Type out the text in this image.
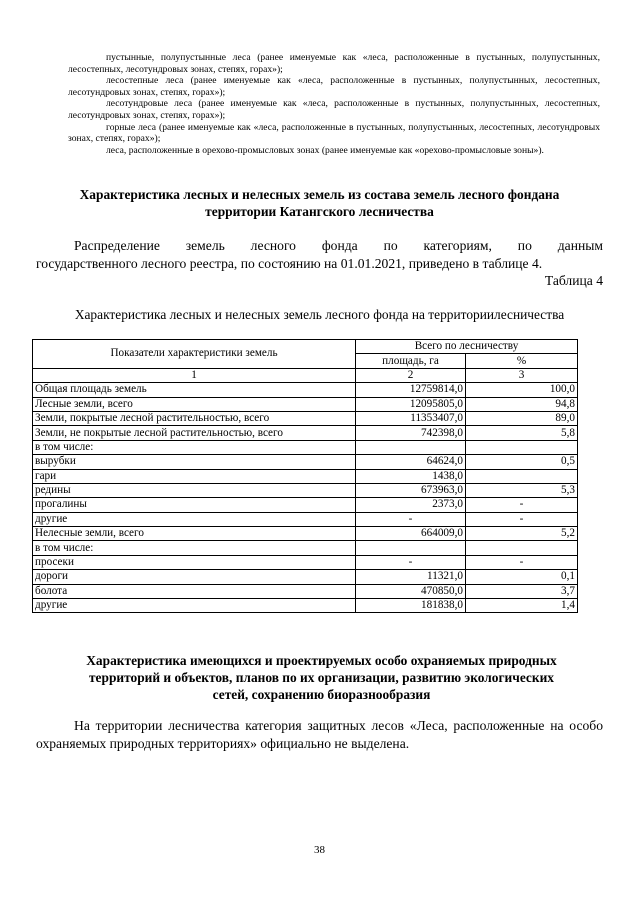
пустынные, полупустынные леса (ранее именуемые как «леса, расположенные в пустынных, полупустынных, лесостепных, лесотундровых зонах, степях, горах»);

лесостепные леса (ранее именуемые как «леса, расположенные в пустынных, полупустынных, лесостепных, лесотундровых зонах, степях, горах»);

лесотундровые леса (ранее именуемые как «леса, расположенные в пустынных, полупустынных, лесостепных, лесотундровых зонах, степях, горах»);

горные леса (ранее именуемые как «леса, расположенные в пустынных, полупустынных, лесостепных, лесотундровых зонах, степях, горах»);

леса, расположенные в орехово-промысловых зонах (ранее именуемые как «орехово-промысловые зоны»).

Характеристика лесных и нелесных земель из состава земель лесного фондана
территории Катангского лесничества
Распределение земель лесного фонда по категориям, по данным
государственного лесного реестра, по состоянию на 01.01.2021, приведено в таблице 4.
Таблица 4
Характеристика лесных и нелесных земель лесного фонда на территориилесничества
Показатели характеристики земель	Всего по лесничеству	
	площадь, га	%
1	2	3
Общая площадь земель	12759814,0	100,0
Лесные земли, всего	12095805,0	94,8
Земли, покрытые лесной растительностью, всего	11353407,0	89,0
Земли, не покрытые лесной растительностью, всего	742398,0	5,8
в том числе:		
вырубки	64624,0	0,5
гари	1438,0	
редины	673963,0	5,3
прогалины	2373,0	-
другие	-	-
Нелесные земли, всего	664009,0	5,2
в том числе:		
просеки	-	-
дороги	11321,0	0,1
болота	470850,0	3,7
другие	181838,0	1,4
Характеристика имеющихся и проектируемых особо охраняемых природных
территорий и объектов, планов по их организации, развитию экологических
сетей, сохранению биоразнообразия

На территории лесничества категория защитных лесов «Леса, расположенные на особо охраняемых природных территориях» официально не выделена.

38
